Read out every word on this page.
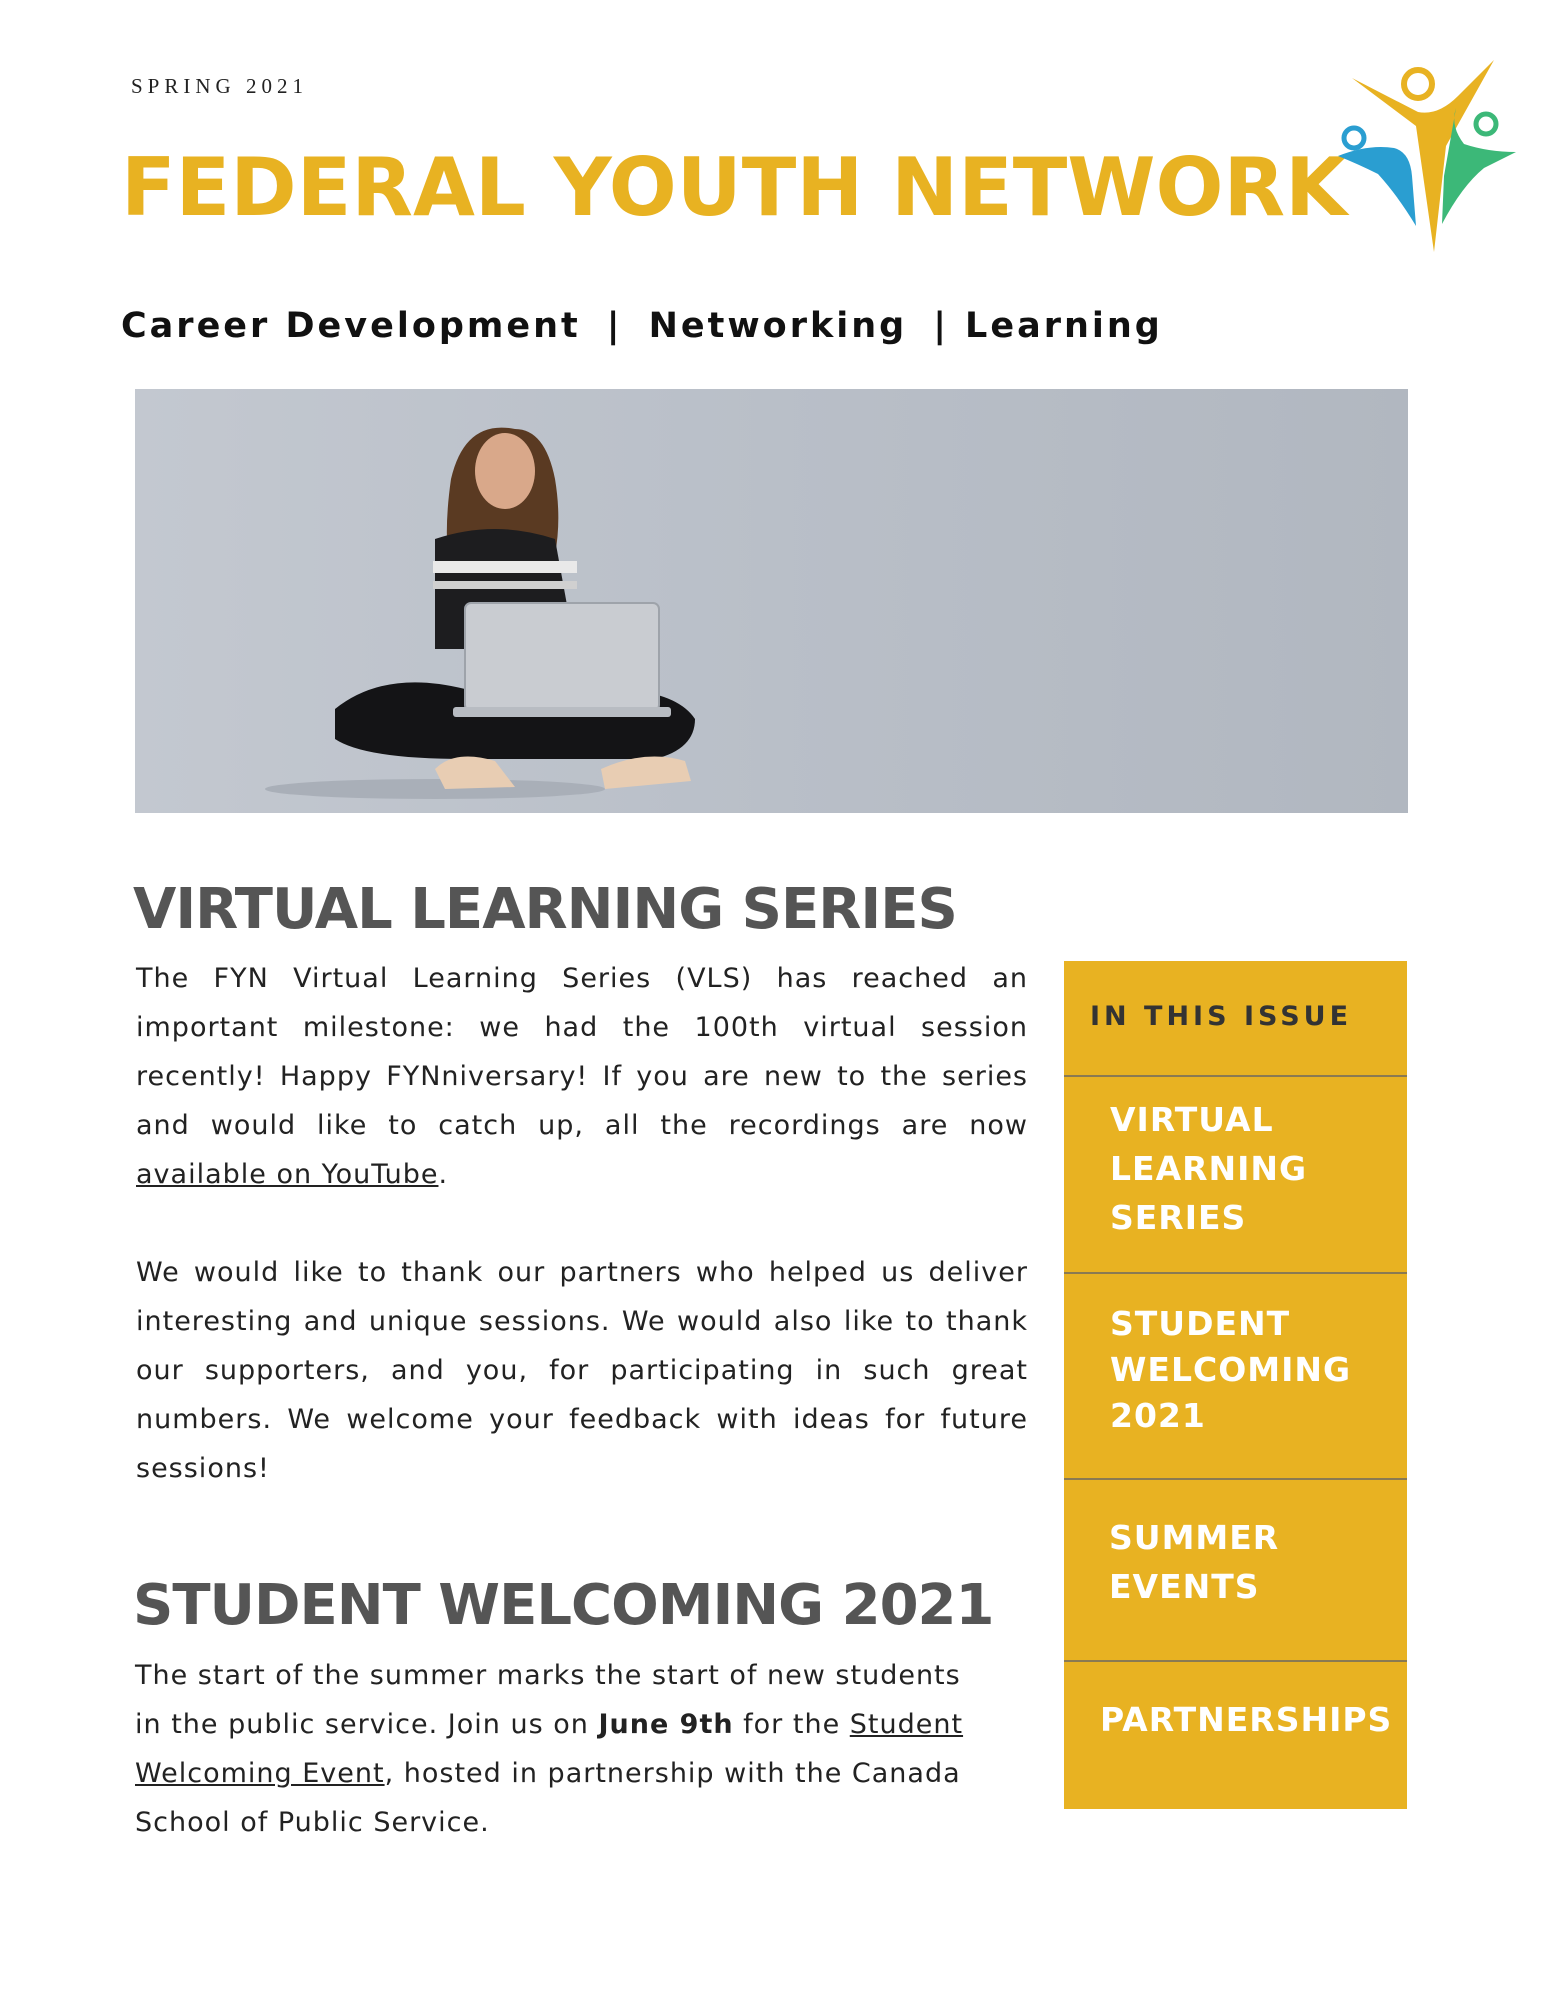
SPRING 2021
FEDERAL YOUTH NETWORK
Career Development | Networking | Learning
VIRTUAL LEARNING SERIES

The FYN Virtual Learning Series (VLS) has reached an important milestone: we had the 100th virtual session recently! Happy FYNniversary! If you are new to the series and would like to catch up, all the recordings are now available on YouTube.

We would like to thank our partners who helped us deliver interesting and unique sessions. We would also like to thank our supporters, and you, for participating in such great numbers. We welcome your feedback with ideas for future sessions!

STUDENT WELCOMING 2021

The start of the summer marks the start of new students in the public service. Join us on June 9th for the Student Welcoming Event, hosted in partnership with the Canada School of Public Service.

IN THIS ISSUE
VIRTUAL
LEARNING
SERIES
STUDENT
WELCOMING
2021
SUMMER
EVENTS
PARTNERSHIPS
